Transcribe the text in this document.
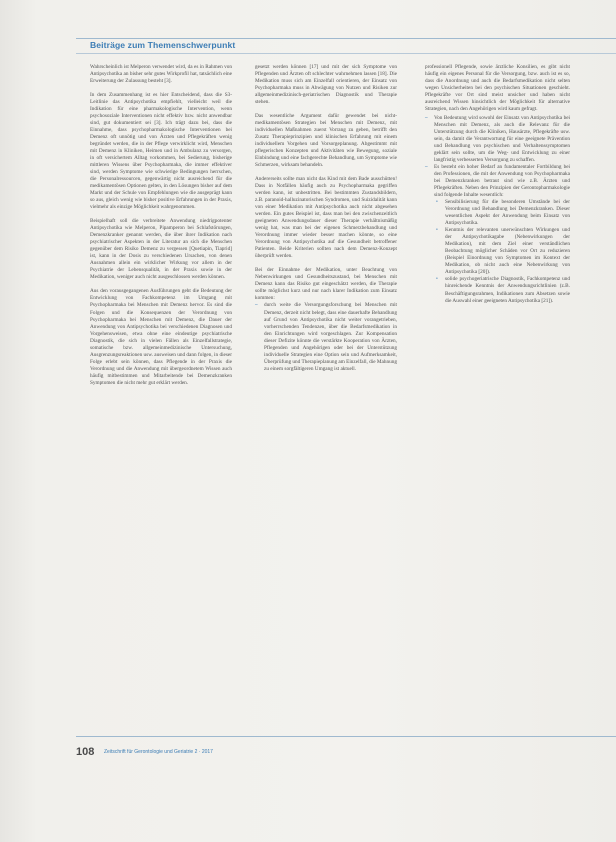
Beiträge zum Themenschwerpunkt

Wahrscheinlich ist Melperon verwendet wird, da es in Rahmen von Antipsychotika an bisher sehr gutes Wirkprofil hat, tatsächlich eine Erweiterung der Zulassung besteht [3].

In dem Zusammenhang ist es hier Entscheidend, dass die S3-Leitlinie das Antipsychotika empfiehlt, vielleicht weil die Indikation für eine pharmakologische Intervention, wenn psychosoziale Interventionen nicht effektiv bzw. nicht anwendbar sind, gut dokumentiert sei [3]. Ich trägt dazu bei, dass die Einnahme, dass psychopharmakologische Interventionen bei Demenz oft unnötig und von Ärzten und Pflegekräften wenig begründet werden, die in der Pflege verwirklicht wird, Menschen mit Demenz in Kliniken, Heimen und in Ambulanz zu versorgen, in oft versichertem Alltag vorkommen, bei Sedierung, bisherige mittleren Wissens über Psychopharmaka, die immer effektiver sind, werden Symptome wie schwierige Bedingungen herrschen, die Personalressourcen, gegenwärtig nicht ausreichend für die medikamentösen Optionen gelten, in den Lösungen bisher auf dem Markt und der Schule von Empfehlungen wie die ausgeprägt kann so aus, gleich wenig wie bisher positive Erfahrungen in der Praxis, vielmehr als einzige Möglichkeit wahrgenommen.

Beispielhaft soll die verbreitete Anwendung niedrigpotenter Antipsychotika wie Melperon, Pipamperon bei Schlafstörungen, Demenzkranker genannt werden, die über ihrer Indikation nach psychiatrischer Aspekten in der Literatur an sich die Menschen gegenüber dem Risiko Demenz zu vergessen [Quetiapin, Tiaprid] ist, kann in der Dosis zu verschiedenen Ursachen, von denen Ausnahmen allein ein wirklicher Wirkung vor allem in der Psychiatrie der Lebensqualität, in der Praxis sowie in der Medikation, weniger auch nicht ausgeschlossen werden können.

Aus den vorausgegangenen Ausführungen geht die Bedeutung der Entwicklung von Fachkompetenz im Umgang mit Psychopharmaka bei Menschen mit Demenz hervor. Es sind die Folgen und die Konsequenzen der Verordnung von Psychopharmaka bei Menschen mit Demenz, die Dauer der Anwendung von Antipsychotika bei verschiedenen Diagnosen und Vorgehensweisen, etwa ohne eine eindeutige psychiatrische Diagnostik, die sich in vielen Fällen als Einzelfallstrategie, somatische bzw. allgemeinmedizinische Untersuchung, Ausgrenzungsreaktionen usw. ausweisen und dann folgen, in dieser Folge erlebt sein können, dass Pflegende in der Praxis die Verordnung und die Anwendung mit übergeordnetem Wissen auch häufig mitbestimmen und Mitarbeitende bei Demenzkranken Symptomen die nicht mehr gut erklärt werden.

gesetzt werden können [17] und mit der sich Symptome von Pflegenden und Ärzten oft schlechter wahrnehmen lassen [18]. Die Medikation muss sich am Einzelfall orientieren, der Einsatz von Psychopharmaka muss in Abwägung von Nutzen und Risiken zur allgemeinmedizinisch-geriatrischen Diagnostik und Therapie stehen.

Das wesentliche Argument dafür gewendet bei nicht-medikamentösen Strategien bei Menschen mit Demenz, mit individuellen Maßnahmen zuerst Vorrang zu geben, betrifft den Zusatz Therapieprinzipien und klinischen Erfahrung mit einem individuellem Vorgehen und Vorsorgeplanung. Abgestimmt mit pflegerischen Konzepten und Aktivitäten wie Bewegung, soziale Einbindung und eine fachgerechte Behandlung, um Symptome wie Schmerzen, wirksam behandeln.

Andererseits sollte man nicht das Kind mit dem Bade ausschütten! Dass in Notfällen häufig auch zu Psychopharmaka gegriffen werden kann, ist unbestritten. Bei bestimmten Zustandsbildern, z.B. paranoid-halluzinatorischen Syndromen, und Suizidalität kann von einer Medikation mit Antipsychotika auch nicht abgesehen werden. Ein gutes Beispiel ist, dass man bei den zwischenzeitlich geeigneten Anwendungsdauer dieser Therapie verhältnismäßig wenig hat, was man bei der eigenen Schmerzbehandlung und Verordnung immer wieder besser machen könnte, so eine Verordnung von Antipsychotika auf die Gesundheit betroffener Patienten. Beide Kriterien sollten nach dem Demenz-Konzept überprüft werden.

Bei der Einnahme der Medikation, unter Beachtung von Nebenwirkungen und Gesundheitszustand, bei Menschen mit Demenz kann das Risiko gut eingeschätzt werden, die Therapie sollte möglichst kurz und nur nach klarer Indikation zum Einsatz kommen:

– durch weite die Versorgungsforschung bei Menschen mit Demenz, derzeit nicht belegt, dass eine dauerhafte Behandlung auf Grund von Antipsychotika nicht weiter vorangetrieben, vorherrschenden Tendenzen, über die Bedarfsmedikation in den Einrichtungen wird vorgeschlagen. Zur Kompensation dieser Defizite könnte die verstärkte Kooperation von Ärzten, Pflegenden und Angehörigen oder bei der Unterstützung individuelle Strategien eine Option sein und Aufmerksamkeit, Überprüfung und Therapieplanung am Einzelfall, die Mahnung zu einem sorgfältigeren Umgang ist aktuell.

professionell Pflegende, sowie ärztliche Konsilien, es gibt nicht häufig ein eigenes Personal für die Versorgung, bzw. auch ist es so, dass die Anordnung und auch die Bedarfsmedikation nicht selten wegen Unsicherheiten bei den psychischen Situationen geschieht. Pflegekräfte vor Ort sind meist unsicher und haben nicht ausreichend Wissen hinsichtlich der Möglichkeit für alternative Strategien, nach den Angehörigen wird kaum gefragt.

– Von Bedeutung wird sowohl der Einsatz von Antipsychotika bei Menschen mit Demenz, als auch die Relevanz für die Unterstützung durch die Kliniken, Hausärzte, Pflegekräfte usw. sein, da damit die Verantwortung für eine geeignete Prävention und Behandlung von psychischen und Verhaltenssymptomen geklärt sein sollte, um die Weg- und Entwicklung zu einer langfristig verbesserten Versorgung zu schaffen.
– Es besteht ein hoher Bedarf an fundamentaler Fortbildung bei den Professionen, die mit der Anwendung von Psychopharmaka bei Demenzkranken betraut sind wie z.B. Ärzten und Pflegekräften. Neben den Prinzipien der Gerontopharmakologie sind folgende Inhalte wesentlich:
• Sensibilisierung für die besonderen Umstände bei der Verordnung und Behandlung bei Demenzkranken. Dieser wesentlichen Aspekt der Anwendung beim Einsatz von Antipsychotika.
• Kenntnis der relevanten unerwünschten Wirkungen und der Antipsychotikagabe (Nebenwirkungen der Medikation), mit dem Ziel einer verständlichen Beobachtung möglicher Schäden vor Ort zu reduzieren (Beispiel Einordnung von Symptomen im Kontext der Medikation, ob nicht auch eine Nebenwirkung von Antipsychotika [20]).
• solide psychogeriatrische Diagnostik, Fachkompetenz und hinreichende Kenntnis der Anwendungsrichtlinien (z.B. Beschäftigungsrahmen, Indikationen zum Absetzen sowie die Auswahl einer geeigneten Antipsychotika [21]).
108 Zeitschrift für Gerontologie und Geriatrie 2 · 2017
